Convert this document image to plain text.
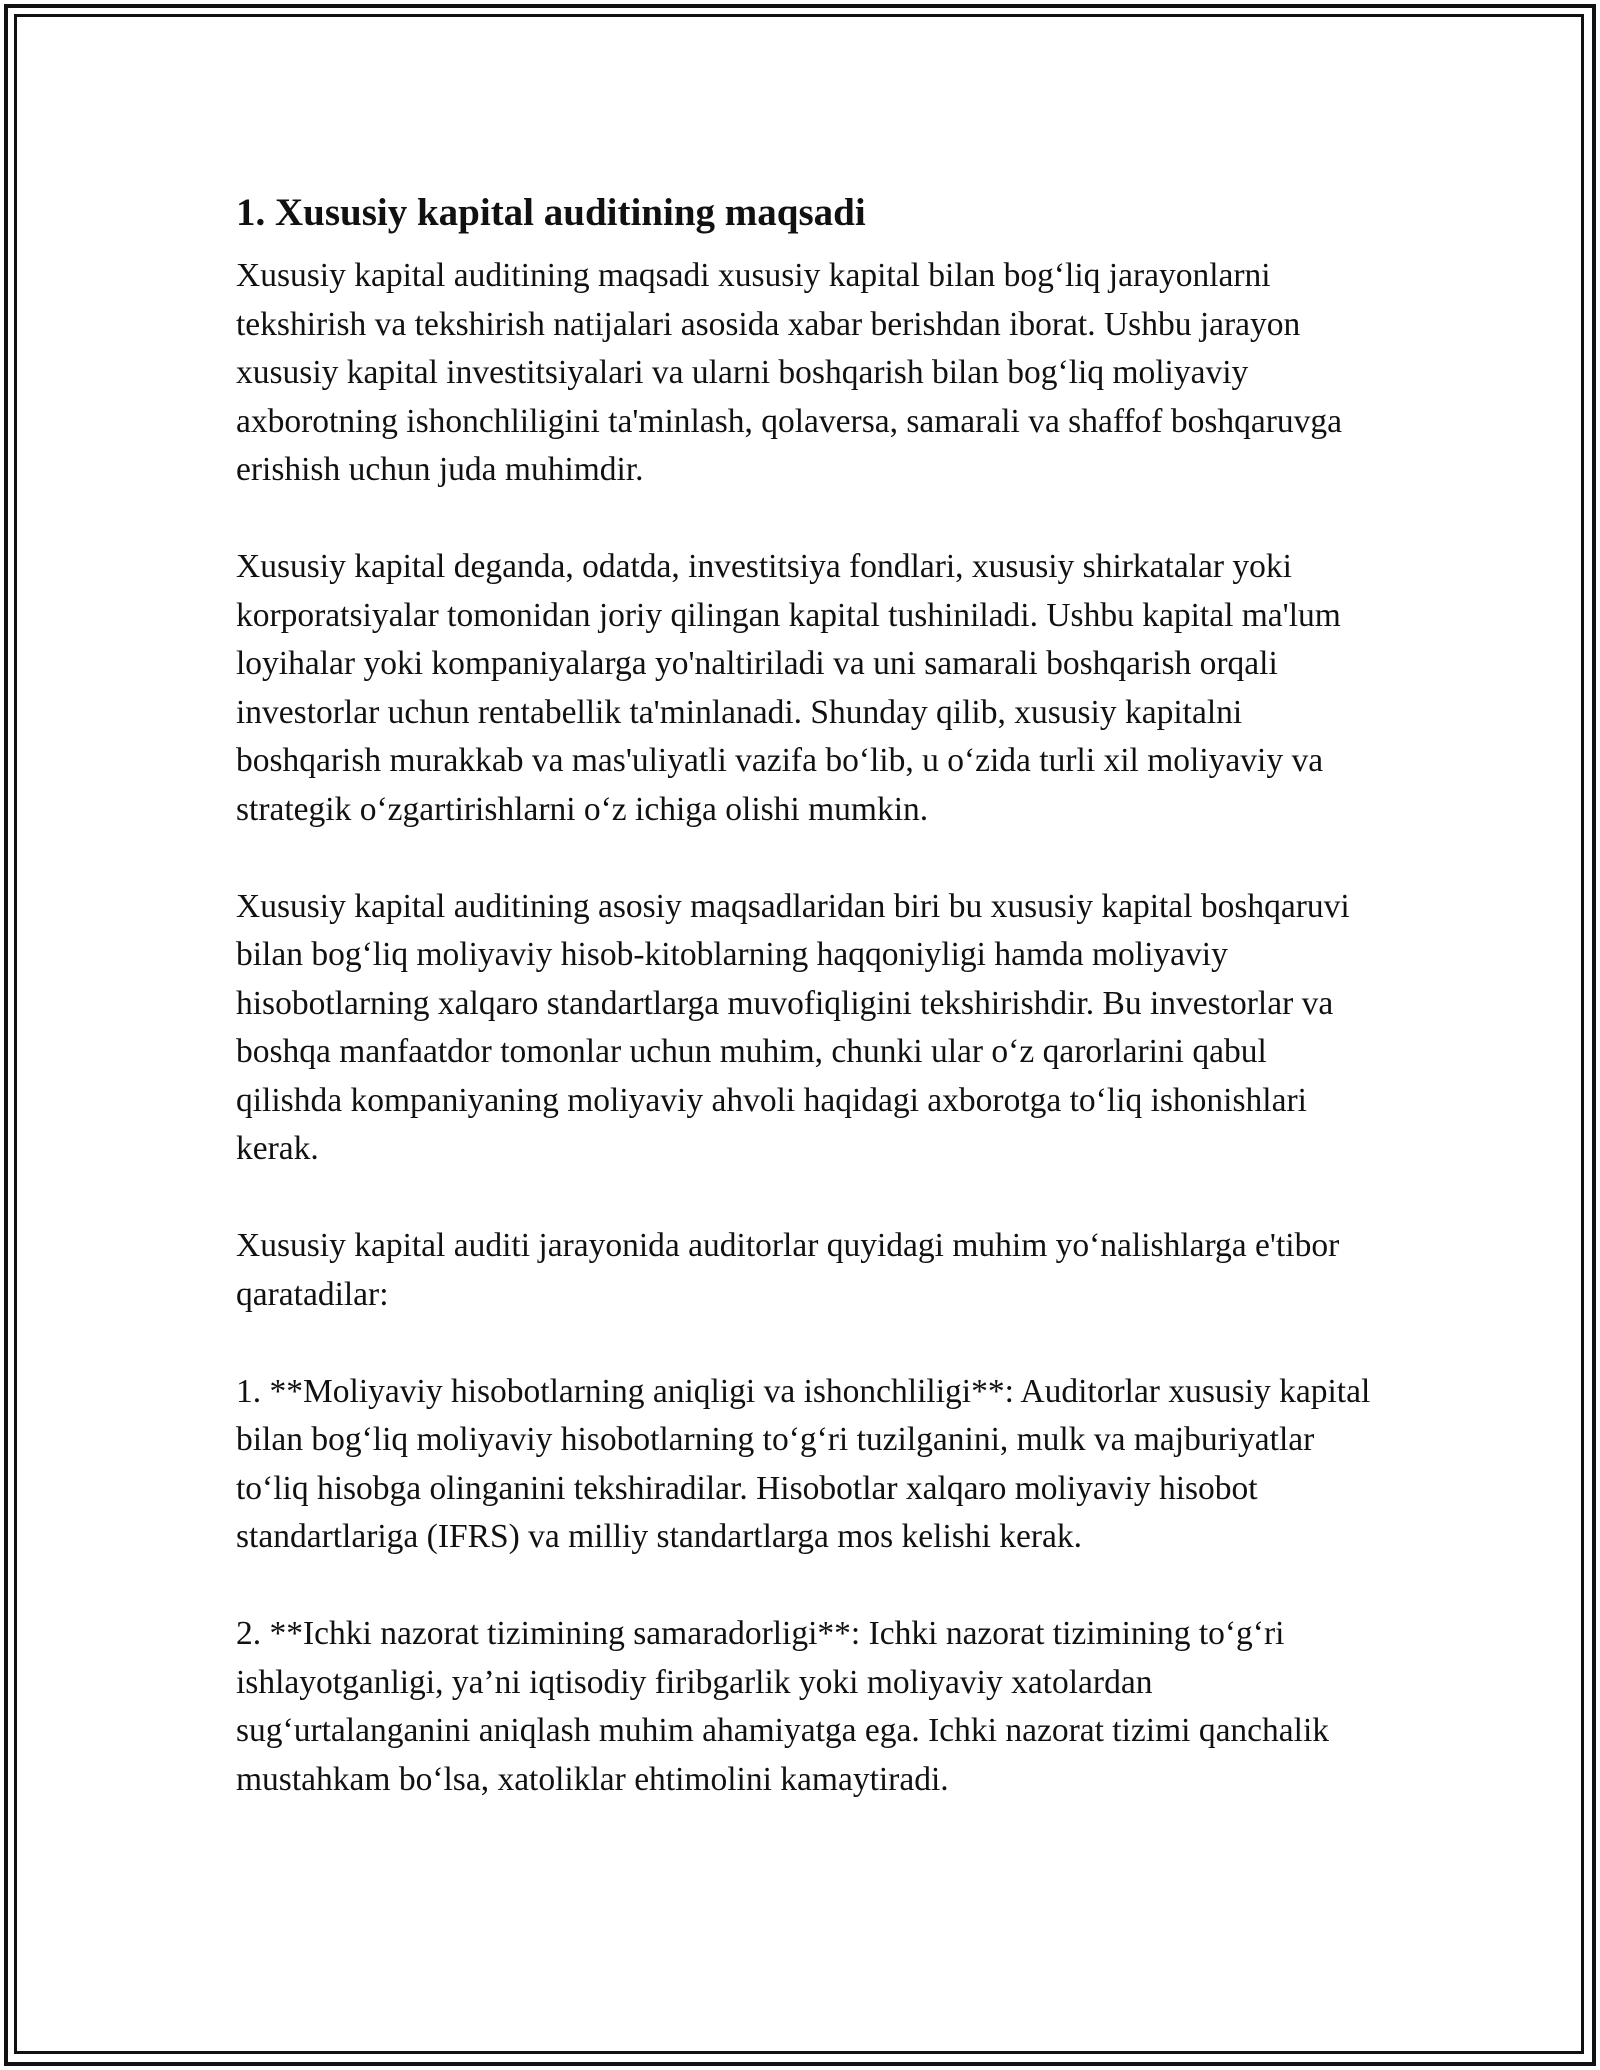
1. Xususiy kapital auditining maqsadi

Xususiy kapital auditining maqsadi xususiy kapital bilan bog‘liq jarayonlarni tekshirish va tekshirish natijalari asosida xabar berishdan iborat. Ushbu jarayon xususiy kapital investitsiyalari va ularni boshqarish bilan bog‘liq moliyaviy axborotning ishonchliligini ta'minlash, qolaversa, samarali va shaffof boshqaruvga erishish uchun juda muhimdir.

Xususiy kapital deganda, odatda, investitsiya fondlari, xususiy shirkatalar yoki korporatsiyalar tomonidan joriy qilingan kapital tushiniladi. Ushbu kapital ma'lum loyihalar yoki kompaniyalarga yo'naltiriladi va uni samarali boshqarish orqali investorlar uchun rentabellik ta'minlanadi. Shunday qilib, xususiy kapitalni boshqarish murakkab va mas'uliyatli vazifa bo‘lib, u o‘zida turli xil moliyaviy va strategik o‘zgartirishlarni o‘z ichiga olishi mumkin.

Xususiy kapital auditining asosiy maqsadlaridan biri bu xususiy kapital boshqaruvi bilan bog‘liq moliyaviy hisob-kitoblarning haqqoniyligi hamda moliyaviy hisobotlarning xalqaro standartlarga muvofiqligini tekshirishdir. Bu investorlar va boshqa manfaatdor tomonlar uchun muhim, chunki ular o‘z qarorlarini qabul qilishda kompaniyaning moliyaviy ahvoli haqidagi axborotga to‘liq ishonishlari kerak.

Xususiy kapital auditi jarayonida auditorlar quyidagi muhim yo‘nalishlarga e'tibor qaratadilar:

1. **Moliyaviy hisobotlarning aniqligi va ishonchliligi**: Auditorlar xususiy kapital bilan bog‘liq moliyaviy hisobotlarning to‘g‘ri tuzilganini, mulk va majburiyatlar to‘liq hisobga olinganini tekshiradilar. Hisobotlar xalqaro moliyaviy hisobot standartlariga (IFRS) va milliy standartlarga mos kelishi kerak.

2. **Ichki nazorat tizimining samaradorligi**: Ichki nazorat tizimining to‘g‘ri ishlayotganligi, ya’ni iqtisodiy firibgarlik yoki moliyaviy xatolardan sug‘urtalanganini aniqlash muhim ahamiyatga ega. Ichki nazorat tizimi qanchalik mustahkam bo‘lsa, xatoliklar ehtimolini kamaytiradi.
